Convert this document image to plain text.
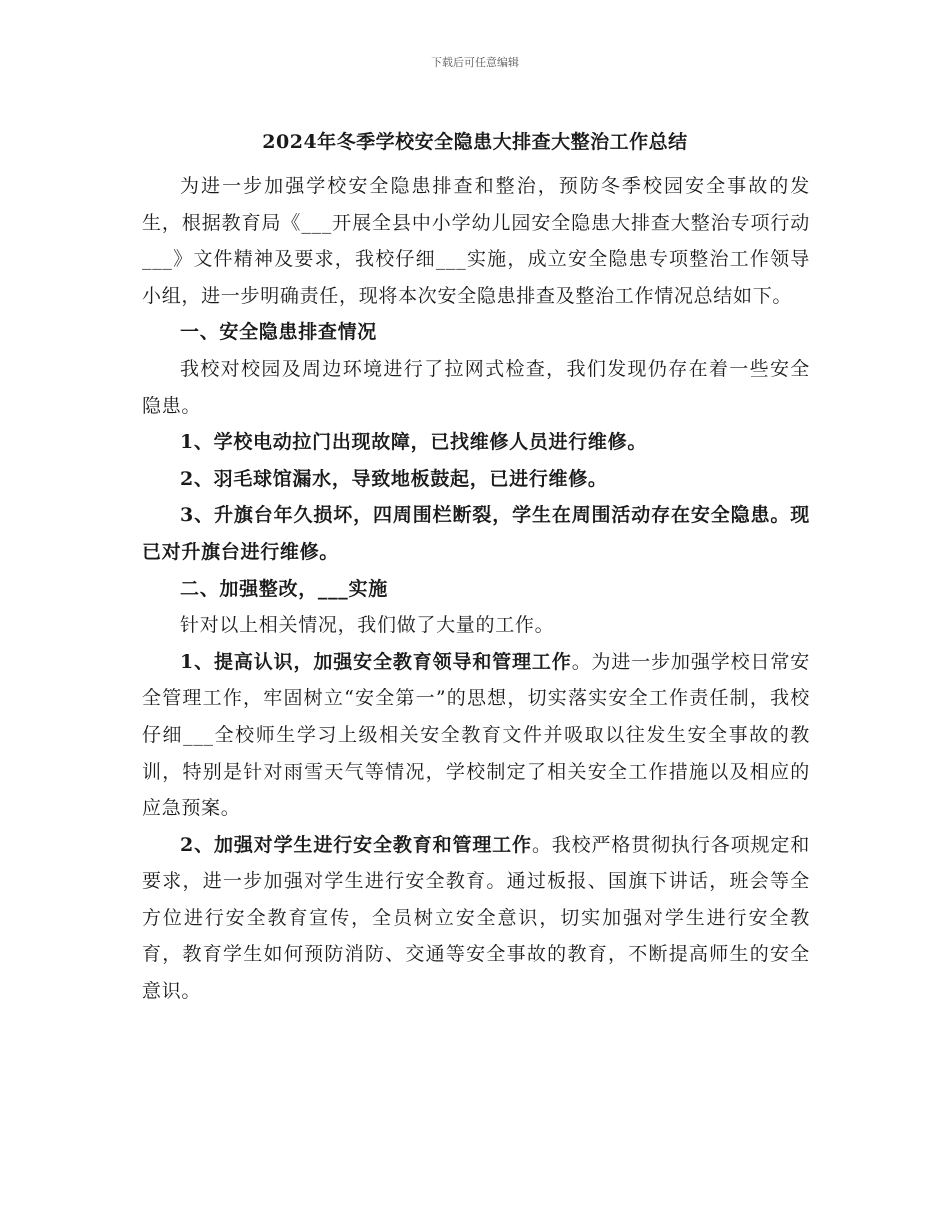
下载后可任意编辑
2024年冬季学校安全隐患大排查大整治工作总结

为进一步加强学校安全隐患排查和整治，预防冬季校园安全事故的发生，根据教育局《___开展全县中小学幼儿园安全隐患大排查大整治专项行动___》文件精神及要求，我校仔细___实施，成立安全隐患专项整治工作领导小组，进一步明确责任，现将本次安全隐患排查及整治工作情况总结如下。

一、安全隐患排查情况

我校对校园及周边环境进行了拉网式检查，我们发现仍存在着一些安全隐患。

1、学校电动拉门出现故障，已找维修人员进行维修。

2、羽毛球馆漏水，导致地板鼓起，已进行维修。

3、升旗台年久损坏，四周围栏断裂，学生在周围活动存在安全隐患。现已对升旗台进行维修。

二、加强整改，___实施

针对以上相关情况，我们做了大量的工作。

1、提高认识，加强安全教育领导和管理工作。为进一步加强学校日常安全管理工作，牢固树立“安全第一”的思想，切实落实安全工作责任制，我校仔细___全校师生学习上级相关安全教育文件并吸取以往发生安全事故的教训，特别是针对雨雪天气等情况，学校制定了相关安全工作措施以及相应的应急预案。

2、加强对学生进行安全教育和管理工作。我校严格贯彻执行各项规定和要求，进一步加强对学生进行安全教育。通过板报、国旗下讲话，班会等全方位进行安全教育宣传，全员树立安全意识，切实加强对学生进行安全教育，教育学生如何预防消防、交通等安全事故的教育，不断提高师生的安全意识。
